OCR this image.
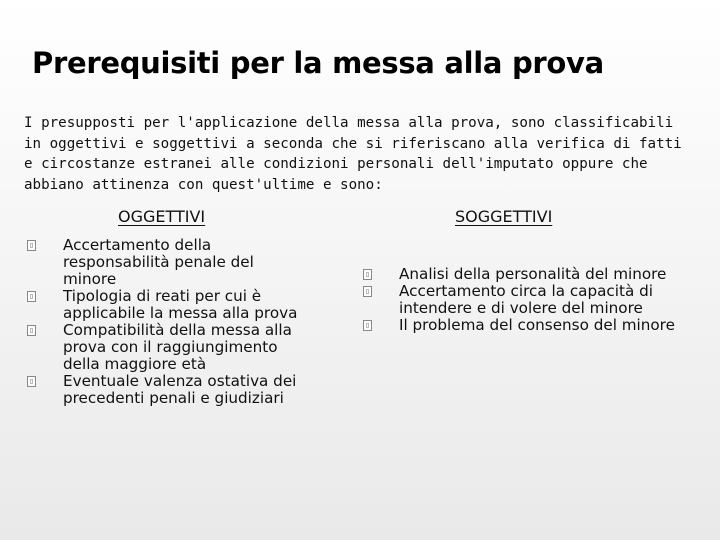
Prerequisiti per la messa alla prova

I presupposti per l'applicazione della messa alla prova, sono classificabili in oggettivi e soggettivi a seconda che si riferiscano alla verifica di fatti e circostanze estranei alle condizioni personali dell'imputato oppure che abbiano attinenza con quest'ultime e sono:

OGGETTIVI	SOGGETTIVI
Accertamento della responsabilità penale del minore
Tipologia di reati per cui è applicabile la messa alla prova
Compatibilità della messa alla prova con il raggiungimento della maggiore età
Eventuale valenza ostativa dei precedenti penali e giudiziari
Analisi della personalità del minore
Accertamento circa la capacità di intendere e di volere del minore
Il problema del consenso del minore
